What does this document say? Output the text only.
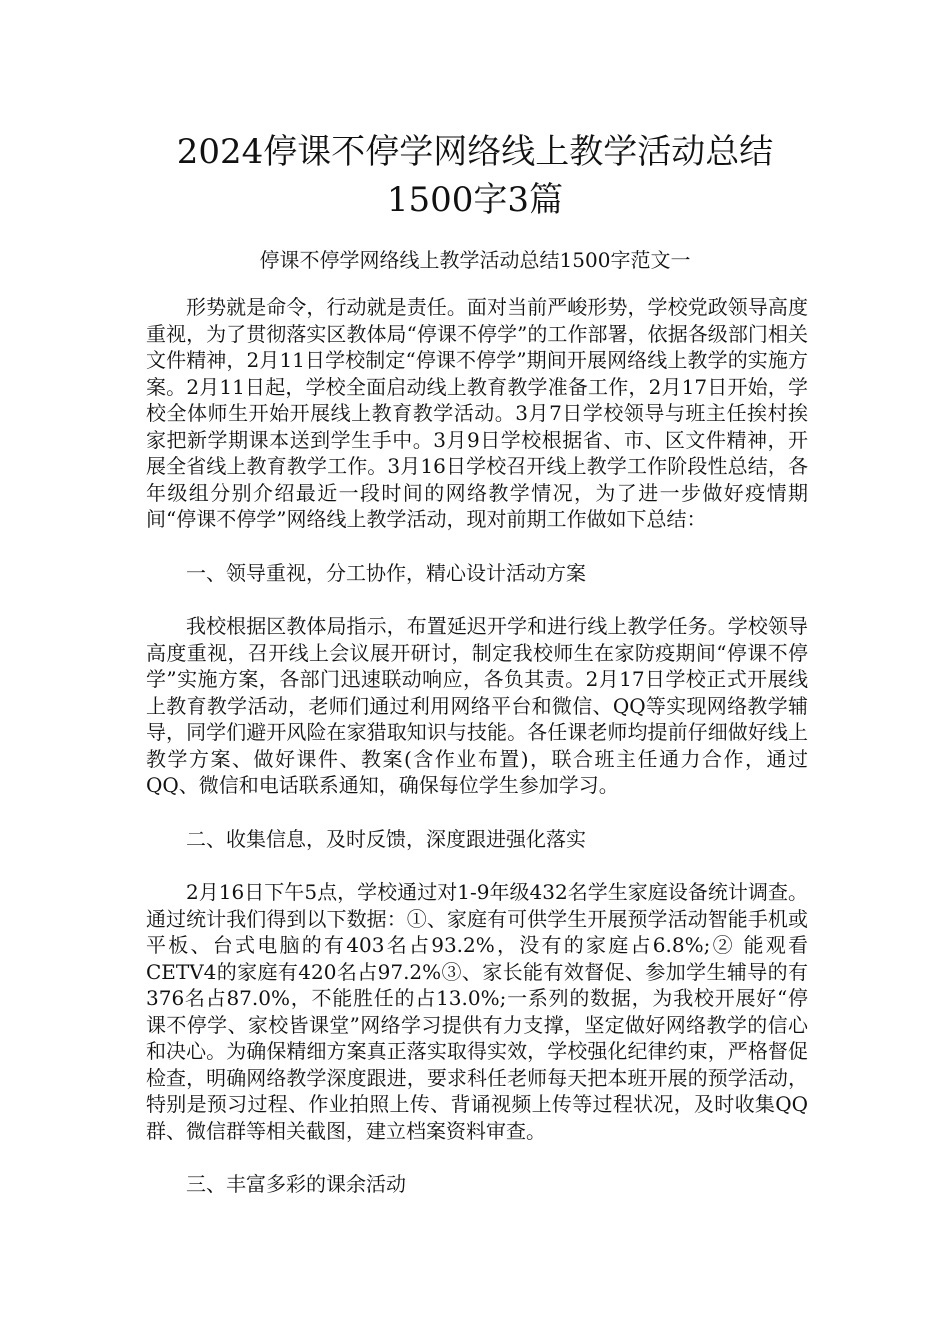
2024停课不停学网络线上教学活动总结
1500字3篇

停课不停学网络线上教学活动总结1500字范文一

形势就是命令，行动就是责任。面对当前严峻形势，学校党政领导高度重视，为了贯彻落实区教体局“停课不停学”的工作部署，依据各级部门相关文件精神，2月11日学校制定“停课不停学”期间开展网络线上教学的实施方案。2月11日起，学校全面启动线上教育教学准备工作，2月17日开始，学校全体师生开始开展线上教育教学活动。3月7日学校领导与班主任挨村挨家把新学期课本送到学生手中。3月9日学校根据省、市、区文件精神，开展全省线上教育教学工作。3月16日学校召开线上教学工作阶段性总结，各年级组分别介绍最近一段时间的网络教学情况，为了进一步做好疫情期间“停课不停学”网络线上教学活动，现对前期工作做如下总结：

一、领导重视，分工协作，精心设计活动方案

我校根据区教体局指示，布置延迟开学和进行线上教学任务。学校领导高度重视，召开线上会议展开研讨，制定我校师生在家防疫期间“停课不停学”实施方案，各部门迅速联动响应，各负其责。2月17日学校正式开展线上教育教学活动，老师们通过利用网络平台和微信、QQ等实现网络教学辅导，同学们避开风险在家猎取知识与技能。各任课老师均提前仔细做好线上教学方案、做好课件、教案(含作业布置)，联合班主任通力合作，通过QQ、微信和电话联系通知，确保每位学生参加学习。

二、收集信息，及时反馈，深度跟进强化落实

2月16日下午5点，学校通过对1-9年级432名学生家庭设备统计调查。通过统计我们得到以下数据：①、家庭有可供学生开展预学活动智能手机或平板、台式电脑的有403名占93.2%，没有的家庭占6.8%;② 能观看CETV4的家庭有420名占97.2%③、家长能有效督促、参加学生辅导的有376名占87.0%，不能胜任的占13.0%;一系列的数据，为我校开展好“停课不停学、家校皆课堂”网络学习提供有力支撑，坚定做好网络教学的信心和决心。为确保精细方案真正落实取得实效，学校强化纪律约束，严格督促检查，明确网络教学深度跟进，要求科任老师每天把本班开展的预学活动，特别是预习过程、作业拍照上传、背诵视频上传等过程状况，及时收集QQ群、微信群等相关截图，建立档案资料审查。

三、丰富多彩的课余活动
